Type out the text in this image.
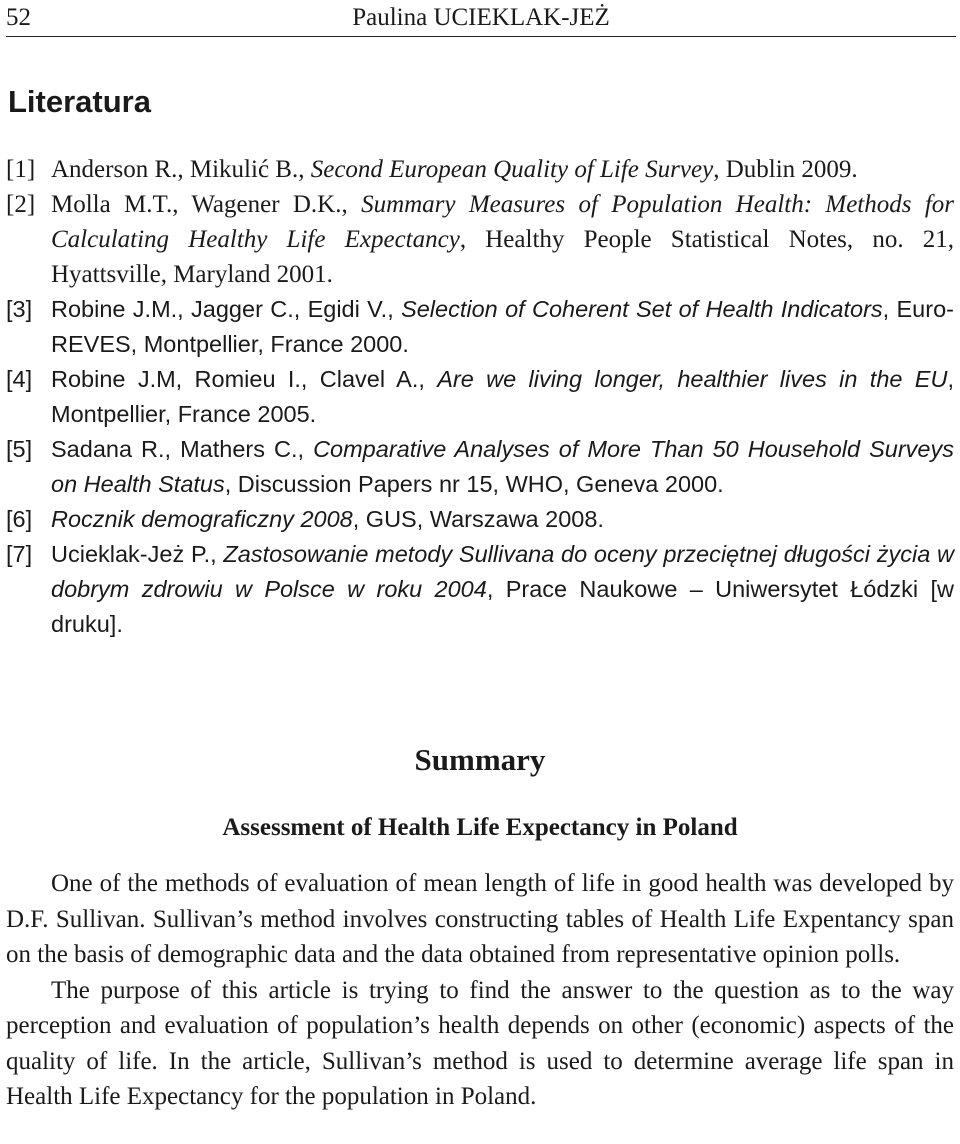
52	Paulina UCIEKLAK-JEŻ
Literatura
[1] Anderson R., Mikulić B., Second European Quality of Life Survey, Dublin 2009.
[2] Molla M.T., Wagener D.K., Summary Measures of Population Health: Methods for Calculating Healthy Life Expectancy, Healthy People Statistical Notes, no. 21, Hyattsville, Maryland 2001.
[3] Robine J.M., Jagger C., Egidi V., Selection of Coherent Set of Health Indicators, Euro-REVES, Montpellier, France 2000.
[4] Robine J.M, Romieu I., Clavel A., Are we living longer, healthier lives in the EU, Montpellier, France 2005.
[5] Sadana R., Mathers C., Comparative Analyses of More Than 50 Household Surveys on Health Status, Discussion Papers nr 15, WHO, Geneva 2000.
[6] Rocznik demograficzny 2008, GUS, Warszawa 2008.
[7] Ucieklak-Jeż P., Zastosowanie metody Sullivana do oceny przeciętnej długości życia w dobrym zdrowiu w Polsce w roku 2004, Prace Naukowe – Uniwersytet Łódzki [w druku].
Summary
Assessment of Health Life Expectancy in Poland

One of the methods of evaluation of mean length of life in good health was developed by D.F. Sullivan. Sullivan’s method involves constructing tables of Health Life Expentancy span on the basis of demographic data and the data obtained from representative opinion polls.

The purpose of this article is trying to find the answer to the question as to the way perception and evaluation of population’s health depends on other (economic) aspects of the quality of life. In the article, Sullivan’s method is used to determine average life span in Health Life Expectancy for the population in Poland.
